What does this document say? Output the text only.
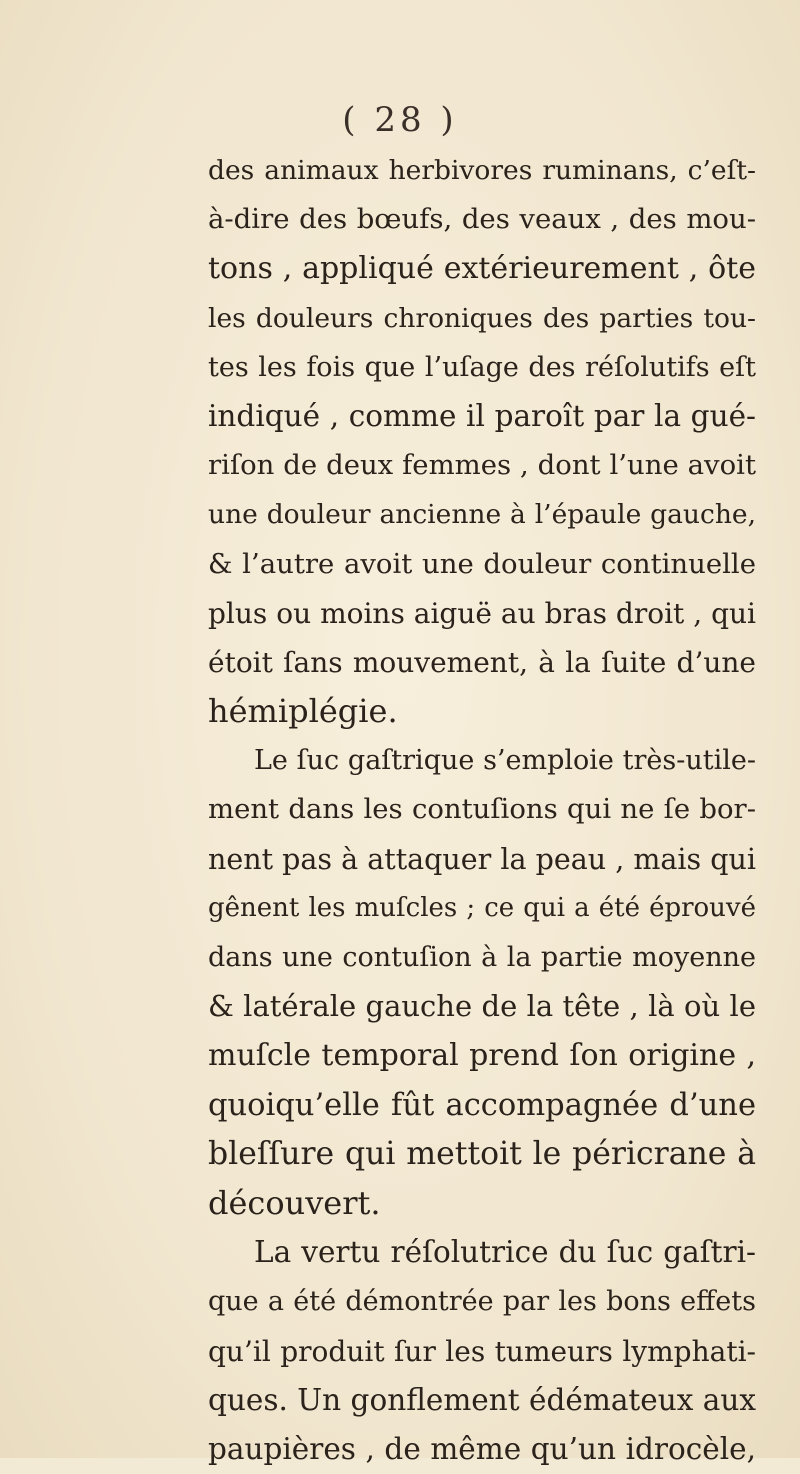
( 28 )
des animaux herbivores ruminans, c’eſt-
à-dire des bœufs, des veaux , des mou-
tons , appliqué extérieurement , ôte
les douleurs chroniques des parties tou-
tes les fois que l’uſage des réſolutifs eſt
indiqué , comme il paroît par la gué-
riſon de deux femmes , dont l’une avoit
une douleur ancienne à l’épaule gauche,
& l’autre avoit une douleur continuelle
plus ou moins aiguë au bras droit , qui
étoit ſans mouvement, à la ſuite d’une
hémiplégie.
Le ſuc gaſtrique s’emploie très-utile-
ment dans les contuſions qui ne ſe bor-
nent pas à attaquer la peau , mais qui
gênent les muſcles ; ce qui a été éprouvé
dans une contuſion à la partie moyenne
& latérale gauche de la tête , là où le
muſcle temporal prend ſon origine ,
quoiqu’elle fût accompagnée d’une
bleſſure qui mettoit le péricrane à
découvert.
La vertu réſolutrice du ſuc gaſtri-
que a été démontrée par les bons effets
qu’il produit ſur les tumeurs lymphati-
ques. Un gonflement édémateux aux
paupières , de même qu’un idrocèle,
